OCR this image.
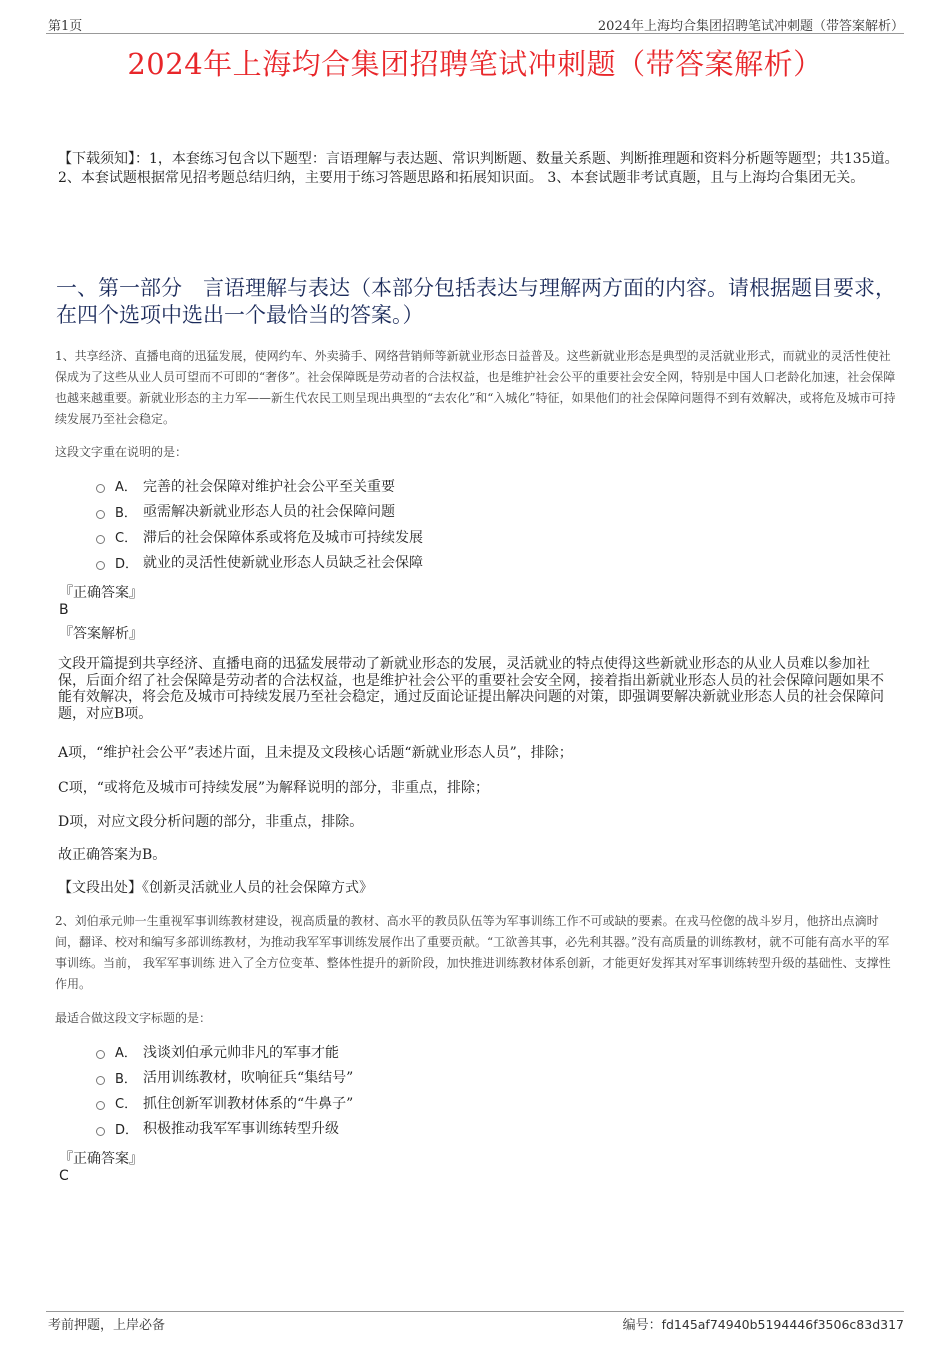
第1页	2024年上海均合集团招聘笔试冲刺题（带答案解析）
2024年上海均合集团招聘笔试冲刺题（带答案解析）
【下载须知】：1，本套练习包含以下题型：言语理解与表达题、常识判断题、数量关系题、判断推理题和资料分析题等题型；共135道。 2、本套试题根据常见招考题总结归纳，主要用于练习答题思路和拓展知识面。 3、本套试题非考试真题，且与上海均合集团无关。
一、第一部分　言语理解与表达（本部分包括表达与理解两方面的内容。请根据题目要求，在四个选项中选出一个最恰当的答案。）
1、共享经济、直播电商的迅猛发展，使网约车、外卖骑手、网络营销师等新就业形态日益普及。这些新就业形态是典型的灵活就业形式，而就业的灵活性使社保成为了这些从业人员可望而不可即的“奢侈”。社会保障既是劳动者的合法权益，也是维护社会公平的重要社会安全网，特别是中国人口老龄化加速，社会保障也越来越重要。新就业形态的主力军——新生代农民工则呈现出典型的“去农化”和“入城化”特征，如果他们的社会保障问题得不到有效解决，或将危及城市可持续发展乃至社会稳定。
这段文字重在说明的是：
A． 完善的社会保障对维护社会公平至关重要
B． 亟需解决新就业形态人员的社会保障问题
C． 滞后的社会保障体系或将危及城市可持续发展
D． 就业的灵活性使新就业形态人员缺乏社会保障
『正确答案』
B
『答案解析』
文段开篇提到共享经济、直播电商的迅猛发展带动了新就业形态的发展，灵活就业的特点使得这些新就业形态的从业人员难以参加社保，后面介绍了社会保障是劳动者的合法权益，也是维护社会公平的重要社会安全网，接着指出新就业形态人员的社会保障问题如果不能有效解决，将会危及城市可持续发展乃至社会稳定，通过反面论证提出解决问题的对策，即强调要解决新就业形态人员的社会保障问题，对应B项。
A项，“维护社会公平”表述片面，且未提及文段核心话题“新就业形态人员”，排除；
C项，“或将危及城市可持续发展”为解释说明的部分，非重点，排除；
D项，对应文段分析问题的部分，非重点，排除。
故正确答案为B。
【文段出处】《创新灵活就业人员的社会保障方式》
2、刘伯承元帅一生重视军事训练教材建设，视高质量的教材、高水平的教员队伍等为军事训练工作不可或缺的要素。在戎马倥偬的战斗岁月，他挤出点滴时间，翻译、校对和编写多部训练教材，为推动我军军事训练发展作出了重要贡献。“工欲善其事，必先利其器。”没有高质量的训练教材，就不可能有高水平的军事训练。当前， 我军军事训练 进入了全方位变革、整体性提升的新阶段，加快推进训练教材体系创新，才能更好发挥其对军事训练转型升级的基础性、支撑性作用。
最适合做这段文字标题的是：
A． 浅谈刘伯承元帅非凡的军事才能
B． 活用训练教材，吹响征兵“集结号”
C． 抓住创新军训教材体系的“牛鼻子”
D． 积极推动我军军事训练转型升级
『正确答案』
C
考前押题，上岸必备	编号：fd145af74940b5194446f3506c83d317
